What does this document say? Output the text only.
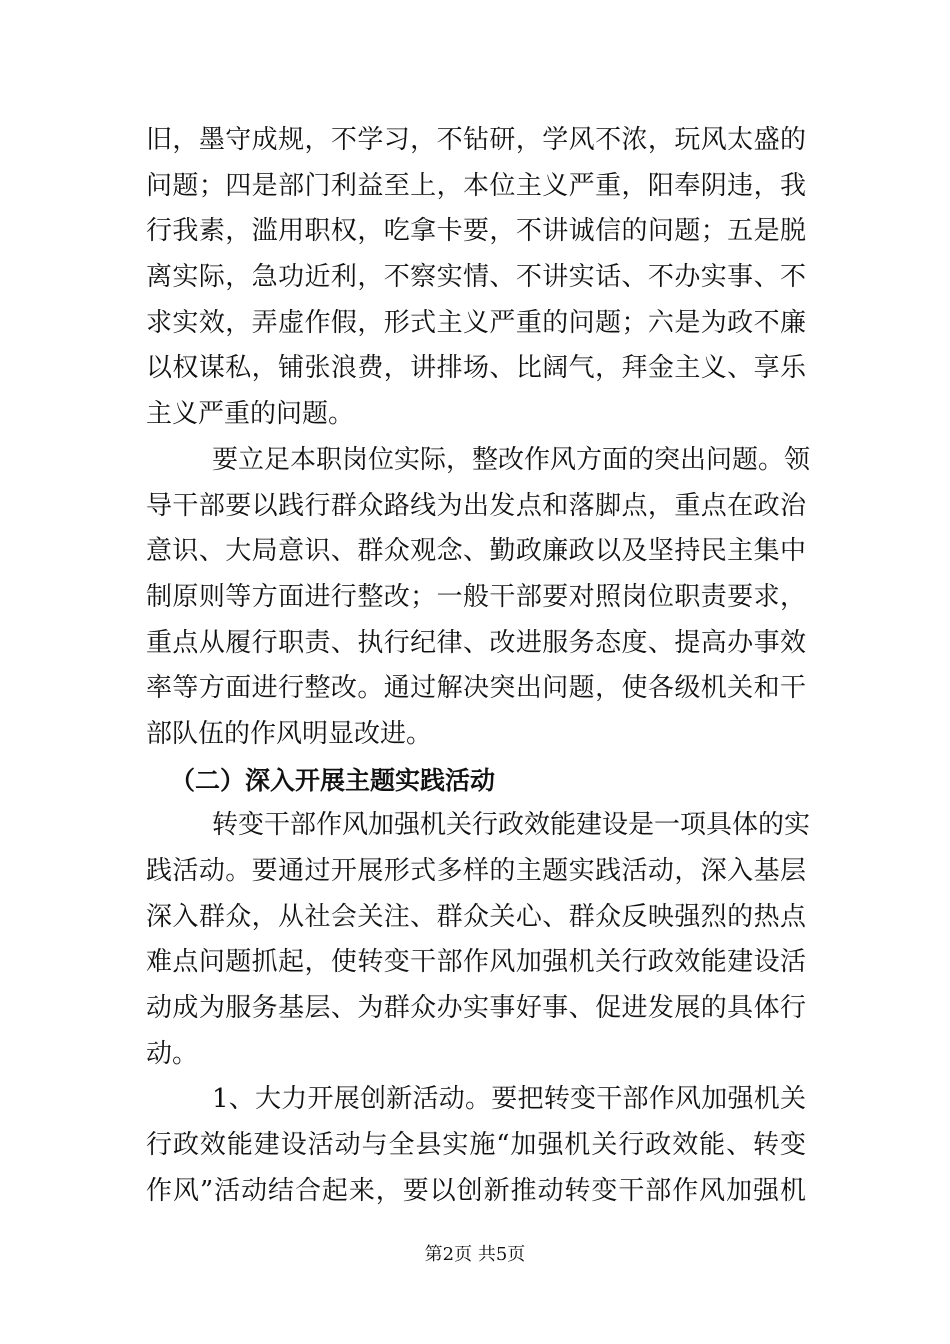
旧，墨守成规，不学习，不钻研，学风不浓，玩风太盛的
问题；四是部门利益至上，本位主义严重，阳奉阴违，我
行我素，滥用职权，吃拿卡要，不讲诚信的问题；五是脱
离实际，急功近利，不察实情、不讲实话、不办实事、不
求实效，弄虚作假，形式主义严重的问题；六是为政不廉
以权谋私，铺张浪费，讲排场、比阔气，拜金主义、享乐
主义严重的问题。
要立足本职岗位实际，整改作风方面的突出问题。领
导干部要以践行群众路线为出发点和落脚点，重点在政治
意识、大局意识、群众观念、勤政廉政以及坚持民主集中
制原则等方面进行整改；一般干部要对照岗位职责要求，
重点从履行职责、执行纪律、改进服务态度、提高办事效
率等方面进行整改。通过解决突出问题，使各级机关和干
部队伍的作风明显改进。
（二）深入开展主题实践活动
转变干部作风加强机关行政效能建设是一项具体的实
践活动。要通过开展形式多样的主题实践活动，深入基层
深入群众，从社会关注、群众关心、群众反映强烈的热点
难点问题抓起，使转变干部作风加强机关行政效能建设活
动成为服务基层、为群众办实事好事、促进发展的具体行
动。
1、大力开展创新活动。要把转变干部作风加强机关
行政效能建设活动与全县实施“加强机关行政效能、转变
作风”活动结合起来，要以创新推动转变干部作风加强机
第2页 共5页
